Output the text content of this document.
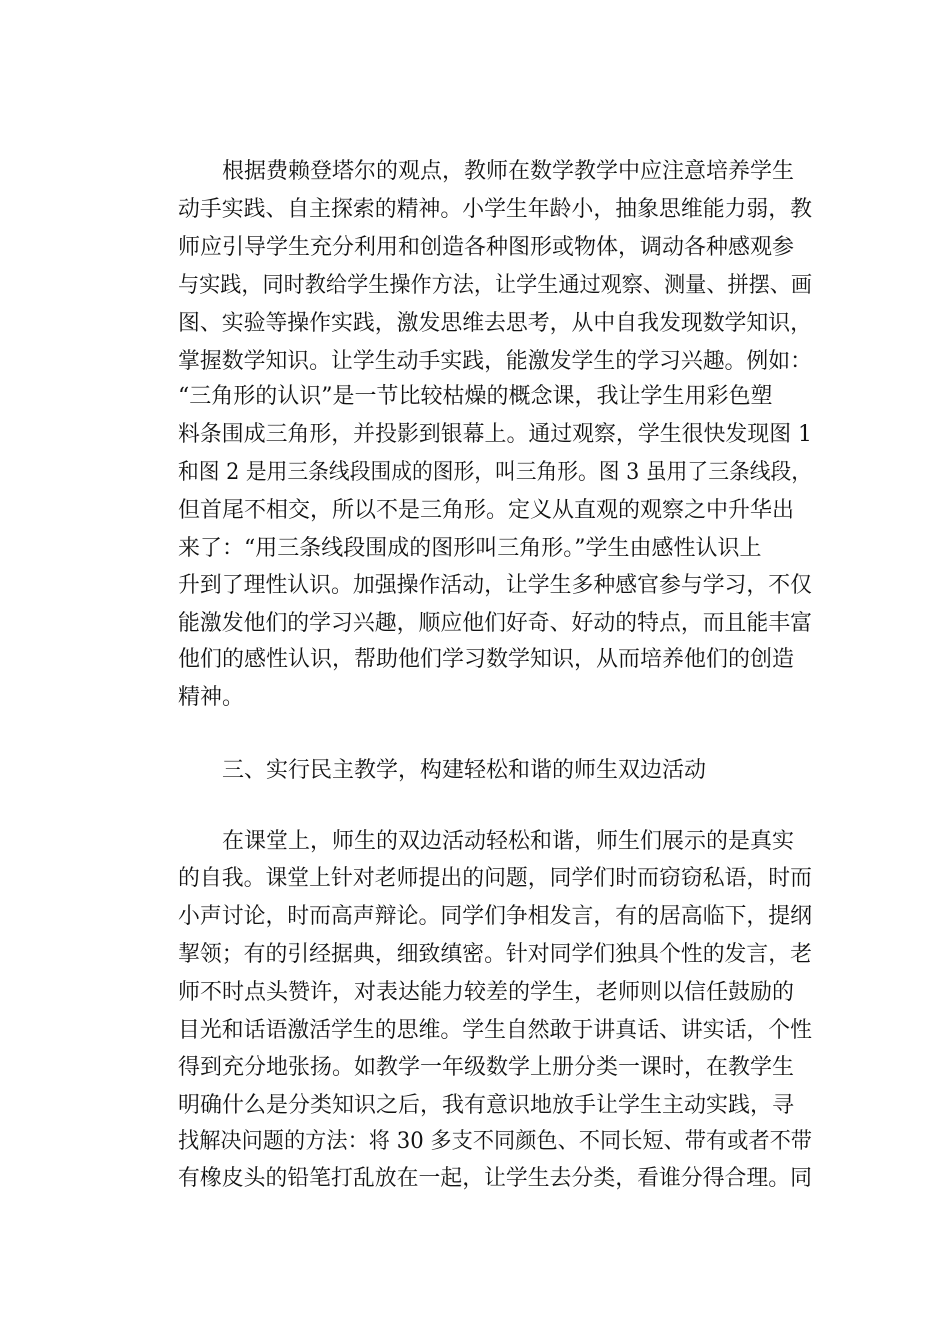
根据费赖登塔尔的观点，教师在数学教学中应注意培养学生
动手实践、自主探索的精神。小学生年龄小，抽象思维能力弱，教
师应引导学生充分利用和创造各种图形或物体，调动各种感观参
与实践，同时教给学生操作方法，让学生通过观察、测量、拼摆、画
图、实验等操作实践，激发思维去思考，从中自我发现数学知识，
掌握数学知识。让学生动手实践，能激发学生的学习兴趣。例如：
“三角形的认识”是一节比较枯燥的概念课，我让学生用彩色塑
料条围成三角形，并投影到银幕上。通过观察，学生很快发现图 1
和图 2 是用三条线段围成的图形，叫三角形。图 3 虽用了三条线段，
但首尾不相交，所以不是三角形。定义从直观的观察之中升华出
来了：“用三条线段围成的图形叫三角形。”学生由感性认识上
升到了理性认识。加强操作活动，让学生多种感官参与学习，不仅
能激发他们的学习兴趣，顺应他们好奇、好动的特点，而且能丰富
他们的感性认识，帮助他们学习数学知识，从而培养他们的创造
精神。
三、实行民主教学，构建轻松和谐的师生双边活动
在课堂上，师生的双边活动轻松和谐，师生们展示的是真实
的自我。课堂上针对老师提出的问题，同学们时而窃窃私语，时而
小声讨论，时而高声辩论。同学们争相发言，有的居高临下，提纲
挈领；有的引经据典，细致缜密。针对同学们独具个性的发言，老
师不时点头赞许，对表达能力较差的学生，老师则以信任鼓励的
目光和话语激活学生的思维。学生自然敢于讲真话、讲实话，个性
得到充分地张扬。如教学一年级数学上册分类一课时，在教学生
明确什么是分类知识之后，我有意识地放手让学生主动实践，寻
找解决问题的方法：将 30 多支不同颜色、不同长短、带有或者不带
有橡皮头的铅笔打乱放在一起，让学生去分类，看谁分得合理。同
